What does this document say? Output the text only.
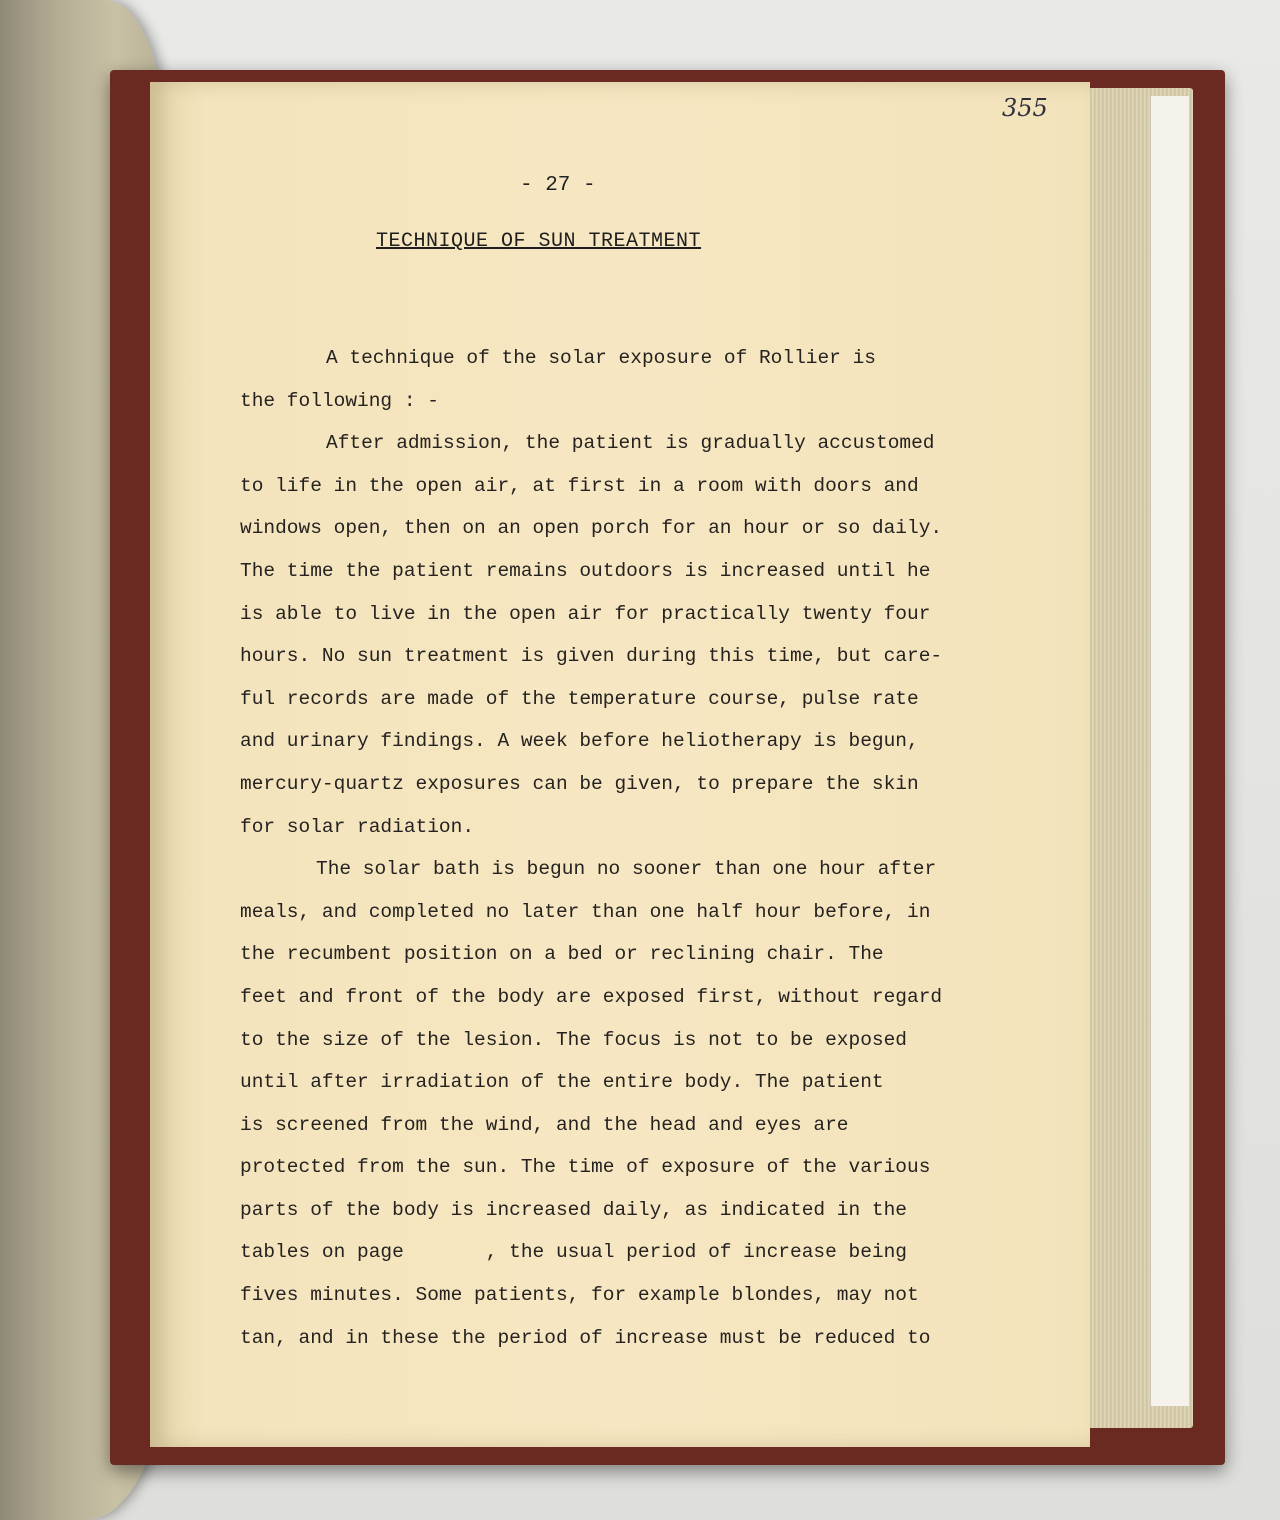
355
- 27 -
TECHNIQUE OF SUN TREATMENT
A technique of the solar exposure of Rollier is
the following : -
After admission, the patient is gradually accustomed
to life in the open air, at first in a room with doors and
windows open, then on an open porch for an hour or so daily.
The time the patient remains outdoors is increased until he
is able to live in the open air for practically twenty four
hours. No sun treatment is given during this time, but care-
ful records are made of the temperature course, pulse rate
and urinary findings. A week before heliotherapy is begun,
mercury-quartz exposures can be given, to prepare the skin
for solar radiation.
The solar bath is begun no sooner than one hour after
meals, and completed no later than one half hour before, in
the recumbent position on a bed or reclining chair. The
feet and front of the body are exposed first, without regard
to the size of the lesion. The focus is not to be exposed
until after irradiation of the entire body. The patient
is screened from the wind, and the head and eyes are
protected from the sun. The time of exposure of the various
parts of the body is increased daily, as indicated in the
tables on page       , the usual period of increase being
fives minutes. Some patients, for example blondes, may not
tan, and in these the period of increase must be reduced to
